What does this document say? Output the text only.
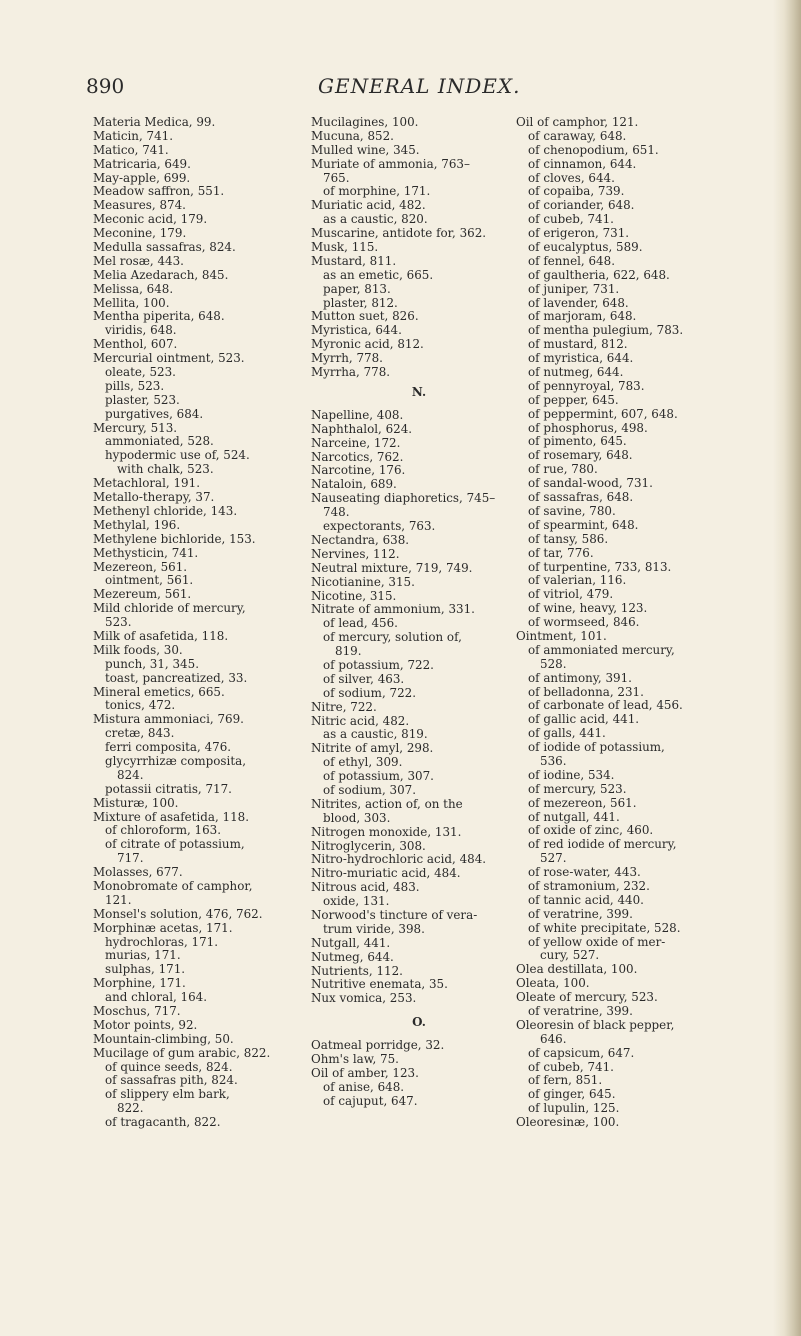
890	GENERAL INDEX.
Materia Medica, 99.
Maticin, 741.
Matico, 741.
Matricaria, 649.
May-apple, 699.
Meadow saffron, 551.
Measures, 874.
Meconic acid, 179.
Meconine, 179.
Medulla sassafras, 824.
Mel rosæ, 443.
Melia Azedarach, 845.
Melissa, 648.
Mellita, 100.
Mentha piperita, 648.
viridis, 648.
Menthol, 607.
Mercurial ointment, 523.
oleate, 523.
pills, 523.
plaster, 523.
purgatives, 684.
Mercury, 513.
ammoniated, 528.
hypodermic use of, 524.
with chalk, 523.
Metachloral, 191.
Metallo-therapy, 37.
Methenyl chloride, 143.
Methylal, 196.
Methylene bichloride, 153.
Methysticin, 741.
Mezereon, 561.
ointment, 561.
Mezereum, 561.
Mild chloride of mercury,
523.
Milk of asafetida, 118.
Milk foods, 30.
punch, 31, 345.
toast, pancreatized, 33.
Mineral emetics, 665.
tonics, 472.
Mistura ammoniaci, 769.
cretæ, 843.
ferri composita, 476.
glycyrrhizæ composita,
824.
potassii citratis, 717.
Misturæ, 100.
Mixture of asafetida, 118.
of chloroform, 163.
of citrate of potassium,
717.
Molasses, 677.
Monobromate of camphor,
121.
Monsel's solution, 476, 762.
Morphinæ acetas, 171.
hydrochloras, 171.
murias, 171.
sulphas, 171.
Morphine, 171.
and chloral, 164.
Moschus, 717.
Motor points, 92.
Mountain-climbing, 50.
Mucilage of gum arabic, 822.
of quince seeds, 824.
of sassafras pith, 824.
of slippery elm bark,
822.
of tragacanth, 822.
Mucilagines, 100.
Mucuna, 852.
Mulled wine, 345.
Muriate of ammonia, 763–
765.
of morphine, 171.
Muriatic acid, 482.
as a caustic, 820.
Muscarine, antidote for, 362.
Musk, 115.
Mustard, 811.
as an emetic, 665.
paper, 813.
plaster, 812.
Mutton suet, 826.
Myristica, 644.
Myronic acid, 812.
Myrrh, 778.
Myrrha, 778.
N.
Napelline, 408.
Naphthalol, 624.
Narceine, 172.
Narcotics, 762.
Narcotine, 176.
Nataloin, 689.
Nauseating diaphoretics, 745–
748.
expectorants, 763.
Nectandra, 638.
Nervines, 112.
Neutral mixture, 719, 749.
Nicotianine, 315.
Nicotine, 315.
Nitrate of ammonium, 331.
of lead, 456.
of mercury, solution of,
819.
of potassium, 722.
of silver, 463.
of sodium, 722.
Nitre, 722.
Nitric acid, 482.
as a caustic, 819.
Nitrite of amyl, 298.
of ethyl, 309.
of potassium, 307.
of sodium, 307.
Nitrites, action of, on the
blood, 303.
Nitrogen monoxide, 131.
Nitroglycerin, 308.
Nitro-hydrochloric acid, 484.
Nitro-muriatic acid, 484.
Nitrous acid, 483.
oxide, 131.
Norwood's tincture of vera-
trum viride, 398.
Nutgall, 441.
Nutmeg, 644.
Nutrients, 112.
Nutritive enemata, 35.
Nux vomica, 253.
O.
Oatmeal porridge, 32.
Ohm's law, 75.
Oil of amber, 123.
of anise, 648.
of cajuput, 647.
Oil of camphor, 121.
of caraway, 648.
of chenopodium, 651.
of cinnamon, 644.
of cloves, 644.
of copaiba, 739.
of coriander, 648.
of cubeb, 741.
of erigeron, 731.
of eucalyptus, 589.
of fennel, 648.
of gaultheria, 622, 648.
of juniper, 731.
of lavender, 648.
of marjoram, 648.
of mentha pulegium, 783.
of mustard, 812.
of myristica, 644.
of nutmeg, 644.
of pennyroyal, 783.
of pepper, 645.
of peppermint, 607, 648.
of phosphorus, 498.
of pimento, 645.
of rosemary, 648.
of rue, 780.
of sandal-wood, 731.
of sassafras, 648.
of savine, 780.
of spearmint, 648.
of tansy, 586.
of tar, 776.
of turpentine, 733, 813.
of valerian, 116.
of vitriol, 479.
of wine, heavy, 123.
of wormseed, 846.
Ointment, 101.
of ammoniated mercury,
528.
of antimony, 391.
of belladonna, 231.
of carbonate of lead, 456.
of gallic acid, 441.
of galls, 441.
of iodide of potassium,
536.
of iodine, 534.
of mercury, 523.
of mezereon, 561.
of nutgall, 441.
of oxide of zinc, 460.
of red iodide of mercury,
527.
of rose-water, 443.
of stramonium, 232.
of tannic acid, 440.
of veratrine, 399.
of white precipitate, 528.
of yellow oxide of mer-
cury, 527.
Olea destillata, 100.
Oleata, 100.
Oleate of mercury, 523.
of veratrine, 399.
Oleoresin of black pepper,
646.
of capsicum, 647.
of cubeb, 741.
of fern, 851.
of ginger, 645.
of lupulin, 125.
Oleoresinæ, 100.
